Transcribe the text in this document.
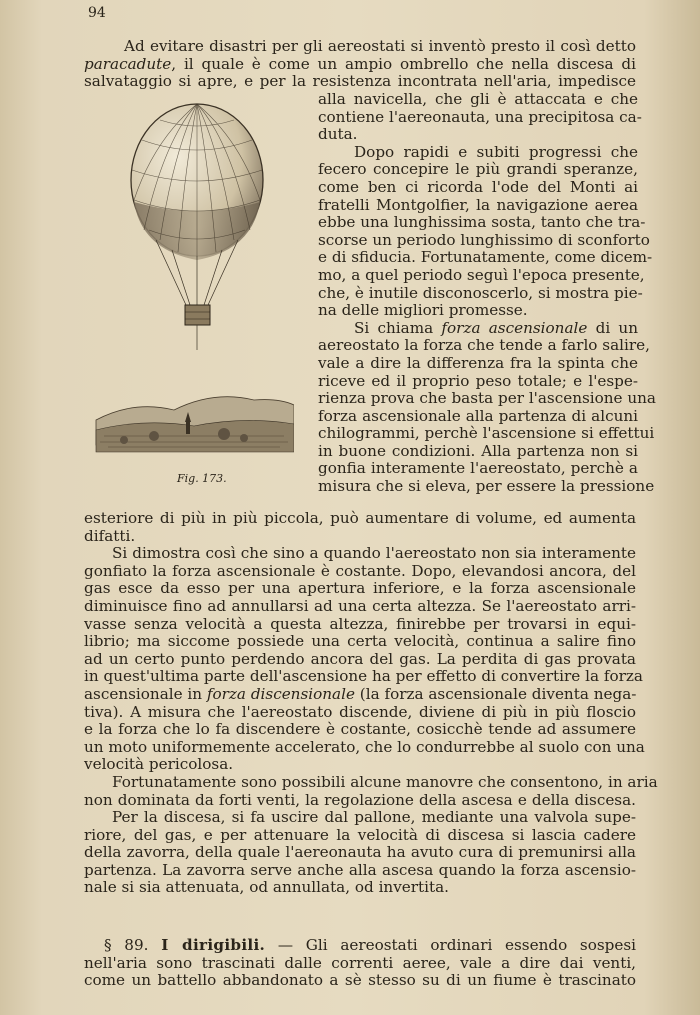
94
Ad evitare disastri per gli aereostati si inventò presto il così detto
paracadute, il quale è come un ampio ombrello che nella discesa di
salvataggio si apre, e per la resistenza incontrata nell'aria, impedisce
Fig. 173.
alla navicella, che gli è attaccata e che
contiene l'aereonauta, una precipitosa ca-
duta.
Dopo rapidi e subiti progressi che
fecero concepire le più grandi speranze,
come ben ci ricorda l'ode del Monti ai
fratelli Montgolfier, la navigazione aerea
ebbe una lunghissima sosta, tanto che tra-
scorse un periodo lunghissimo di sconforto
e di sfiducia. Fortunatamente, come dicem-
mo, a quel periodo seguì l'epoca presente,
che, è inutile disconoscerlo, si mostra pie-
na delle migliori promesse.
Si chiama forza ascensionale di un
aereostato la forza che tende a farlo salire,
vale a dire la differenza fra la spinta che
riceve ed il proprio peso totale; e l'espe-
rienza prova che basta per l'ascensione una
forza ascensionale alla partenza di alcuni
chilogrammi, perchè l'ascensione si effettui
in buone condizioni. Alla partenza non si
gonfia interamente l'aereostato, perchè a
misura che si eleva, per essere la pressione
esteriore di più in più piccola, può aumentare di volume, ed aumenta
difatti.
Si dimostra così che sino a quando l'aereostato non sia interamente
gonfiato la forza ascensionale è costante. Dopo, elevandosi ancora, del
gas esce da esso per una apertura inferiore, e la forza ascensionale
diminuisce fino ad annullarsi ad una certa altezza. Se l'aereostato arri-
vasse senza velocità a questa altezza, finirebbe per trovarsi in equi-
librio; ma siccome possiede una certa velocità, continua a salire fino
ad un certo punto perdendo ancora del gas. La perdita di gas provata
in quest'ultima parte dell'ascensione ha per effetto di convertire la forza
ascensionale in forza discensionale (la forza ascensionale diventa nega-
tiva). A misura che l'aereostato discende, diviene di più in più floscio
e la forza che lo fa discendere è costante, cosicchè tende ad assumere
un moto uniformemente accelerato, che lo condurrebbe al suolo con una
velocità pericolosa.
Fortunatamente sono possibili alcune manovre che consentono, in aria
non dominata da forti venti, la regolazione della ascesa e della discesa.
Per la discesa, si fa uscire dal pallone, mediante una valvola supe-
riore, del gas, e per attenuare la velocità di discesa si lascia cadere
della zavorra, della quale l'aereonauta ha avuto cura di premunirsi alla
partenza. La zavorra serve anche alla ascesa quando la forza ascensio-
nale si sia attenuata, od annullata, od invertita.
§ 89. I dirigibili. — Gli aereostati ordinari essendo sospesi
nell'aria sono trascinati dalle correnti aeree, vale a dire dai venti,
come un battello abbandonato a sè stesso su di un fiume è trascinato
